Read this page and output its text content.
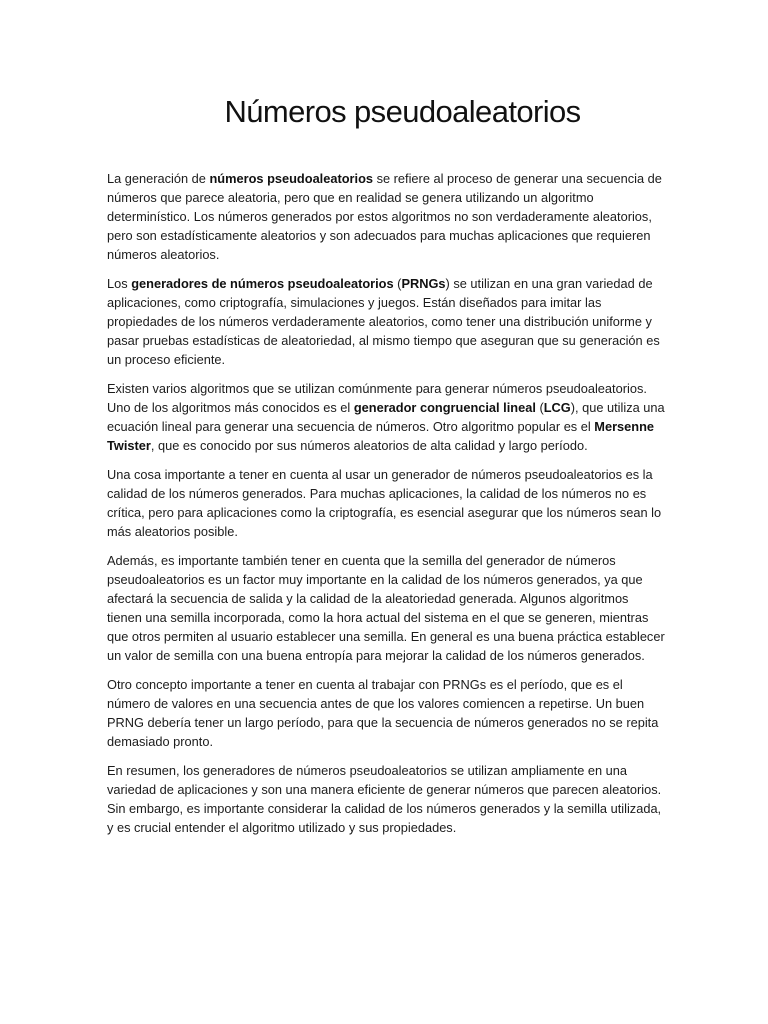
Números pseudoaleatorios

La generación de números pseudoaleatorios se refiere al proceso de generar una secuencia de números que parece aleatoria, pero que en realidad se genera utilizando un algoritmo determinístico. Los números generados por estos algoritmos no son verdaderamente aleatorios, pero son estadísticamente aleatorios y son adecuados para muchas aplicaciones que requieren números aleatorios.

Los generadores de números pseudoaleatorios (PRNGs) se utilizan en una gran variedad de aplicaciones, como criptografía, simulaciones y juegos. Están diseñados para imitar las propiedades de los números verdaderamente aleatorios, como tener una distribución uniforme y pasar pruebas estadísticas de aleatoriedad, al mismo tiempo que aseguran que su generación es un proceso eficiente.

Existen varios algoritmos que se utilizan comúnmente para generar números pseudoaleatorios. Uno de los algoritmos más conocidos es el generador congruencial lineal (LCG), que utiliza una ecuación lineal para generar una secuencia de números. Otro algoritmo popular es el Mersenne Twister, que es conocido por sus números aleatorios de alta calidad y largo período.

Una cosa importante a tener en cuenta al usar un generador de números pseudoaleatorios es la calidad de los números generados. Para muchas aplicaciones, la calidad de los números no es crítica, pero para aplicaciones como la criptografía, es esencial asegurar que los números sean lo más aleatorios posible.

Además, es importante también tener en cuenta que la semilla del generador de números pseudoaleatorios es un factor muy importante en la calidad de los números generados, ya que afectará la secuencia de salida y la calidad de la aleatoriedad generada. Algunos algoritmos tienen una semilla incorporada, como la hora actual del sistema en el que se generen, mientras que otros permiten al usuario establecer una semilla. En general es una buena práctica establecer un valor de semilla con una buena entropía para mejorar la calidad de los números generados.

Otro concepto importante a tener en cuenta al trabajar con PRNGs es el período, que es el número de valores en una secuencia antes de que los valores comiencen a repetirse. Un buen PRNG debería tener un largo período, para que la secuencia de números generados no se repita demasiado pronto.

En resumen, los generadores de números pseudoaleatorios se utilizan ampliamente en una variedad de aplicaciones y son una manera eficiente de generar números que parecen aleatorios. Sin embargo, es importante considerar la calidad de los números generados y la semilla utilizada, y es crucial entender el algoritmo utilizado y sus propiedades.
